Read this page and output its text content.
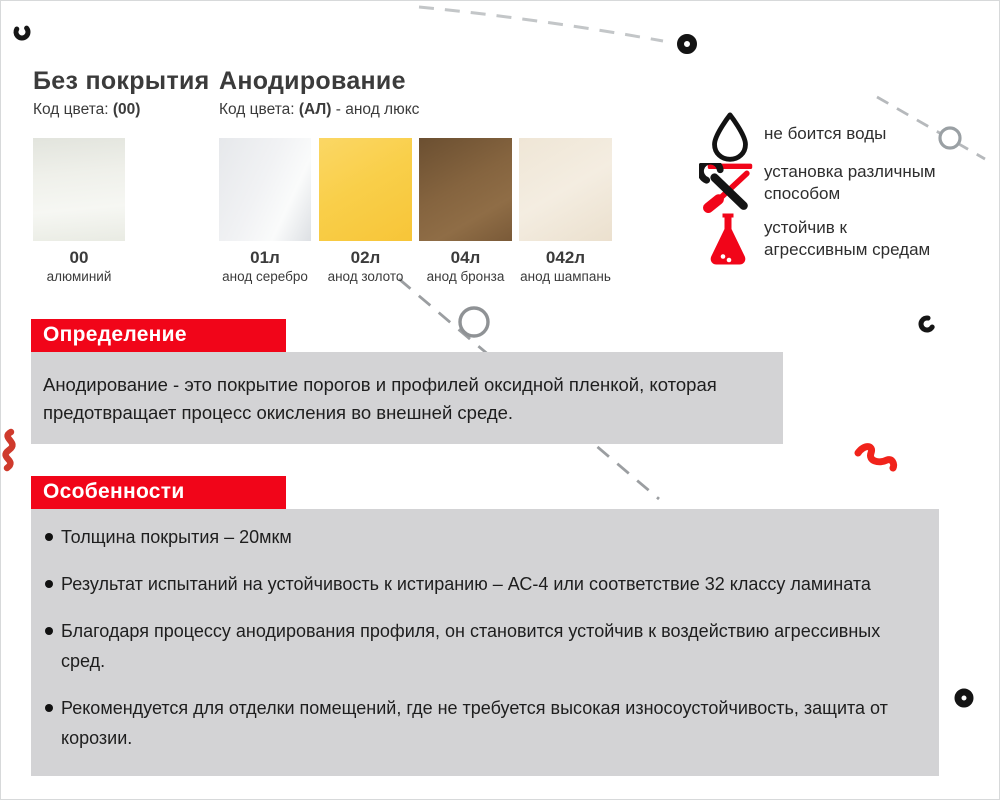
Без покрытия
Код цвета: (00)
Анодирование
Код цвета: (АЛ) - анод люкс
00
алюминий
01л
анод серебро
02л
анод золото
04л
анод бронза
042л
анод шампань
не боится воды
установка различным способом
устойчив к агрессивным средам
Определение
Анодирование - это покрытие порогов и профилей оксидной пленкой, которая предотвращает процесс окисления во внешней среде.
Особенности
Толщина покрытия – 20мкм
Результат испытаний на устойчивость к истиранию – АС-4 или соответствие 32 классу ламината
Благодаря процессу анодирования профиля, он становится устойчив к воздействию агрессивных сред.
Рекомендуется для отделки помещений, где не требуется высокая износоустойчивость, защита от корозии.
